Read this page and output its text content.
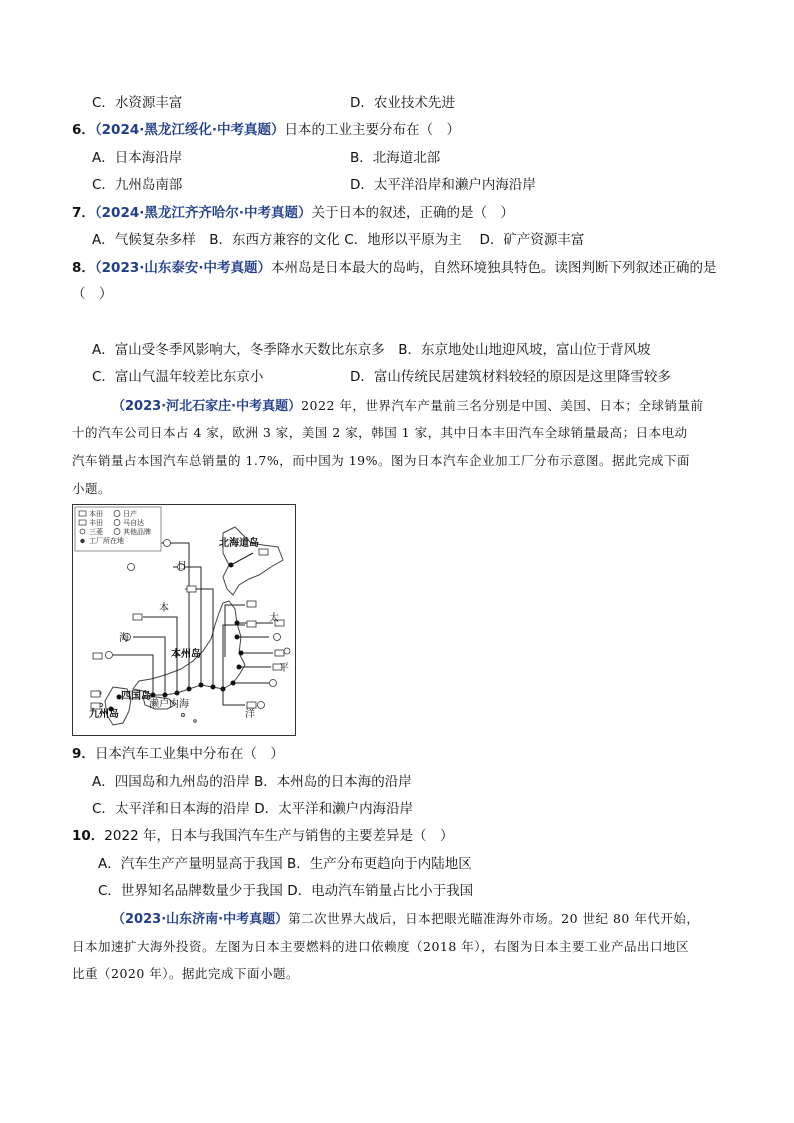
C．水资源丰富	D．农业技术先进
6．（2024·黑龙江绥化·中考真题）日本的工业主要分布在（　）
A．日本海沿岸	B．北海道北部
C．九州岛南部	D．太平洋沿岸和濑户内海沿岸
7．（2024·黑龙江齐齐哈尔·中考真题）关于日本的叙述，正确的是（　）
A．气候复杂多样　B．东西方兼容的文化 C．地形以平原为主　 D．矿产资源丰富
8．（2023·山东泰安·中考真题）本州岛是日本最大的岛屿，自然环境独具特色。读图判断下列叙述正确的是
（　）
A．富山受冬季风影响大，冬季降水天数比东京多　B．东京地处山地迎风坡，富山位于背风坡
C．富山气温年较差比东京小	D．富山传统民居建筑材料较轻的原因是这里降雪较多
（2023·河北石家庄·中考真题）2022 年，世界汽车产量前三名分别是中国、美国、日本；全球销量前
十的汽车公司日本占 4 家，欧洲 3 家，美国 2 家，韩国 1 家，其中日本丰田汽车全球销量最高；日本电动
汽车销量占本国汽车总销量的 1.7%，而中国为 19%。图为日本汽车企业加工厂分布示意图。据此完成下面
小题。
本田	日产
丰田	马自达
三菱	其他品牌
工厂所在地	北海道岛
本州岛
四国岛
九州岛
濑户内海
日
本
海
太
平
洋
9．日本汽车工业集中分布在（　）
A．四国岛和九州岛的沿岸 B．本州岛的日本海的沿岸
C．太平洋和日本海的沿岸 D．太平洋和濑户内海沿岸
10．2022 年，日本与我国汽车生产与销售的主要差异是（　）
A．汽车生产产量明显高于我国 B．生产分布更趋向于内陆地区
C．世界知名品牌数量少于我国 D．电动汽车销量占比小于我国
（2023·山东济南·中考真题）第二次世界大战后，日本把眼光瞄准海外市场。20 世纪 80 年代开始，
日本加速扩大海外投资。左图为日本主要燃料的进口依赖度（2018 年），右图为日本主要工业产品出口地区
比重（2020 年）。据此完成下面小题。
